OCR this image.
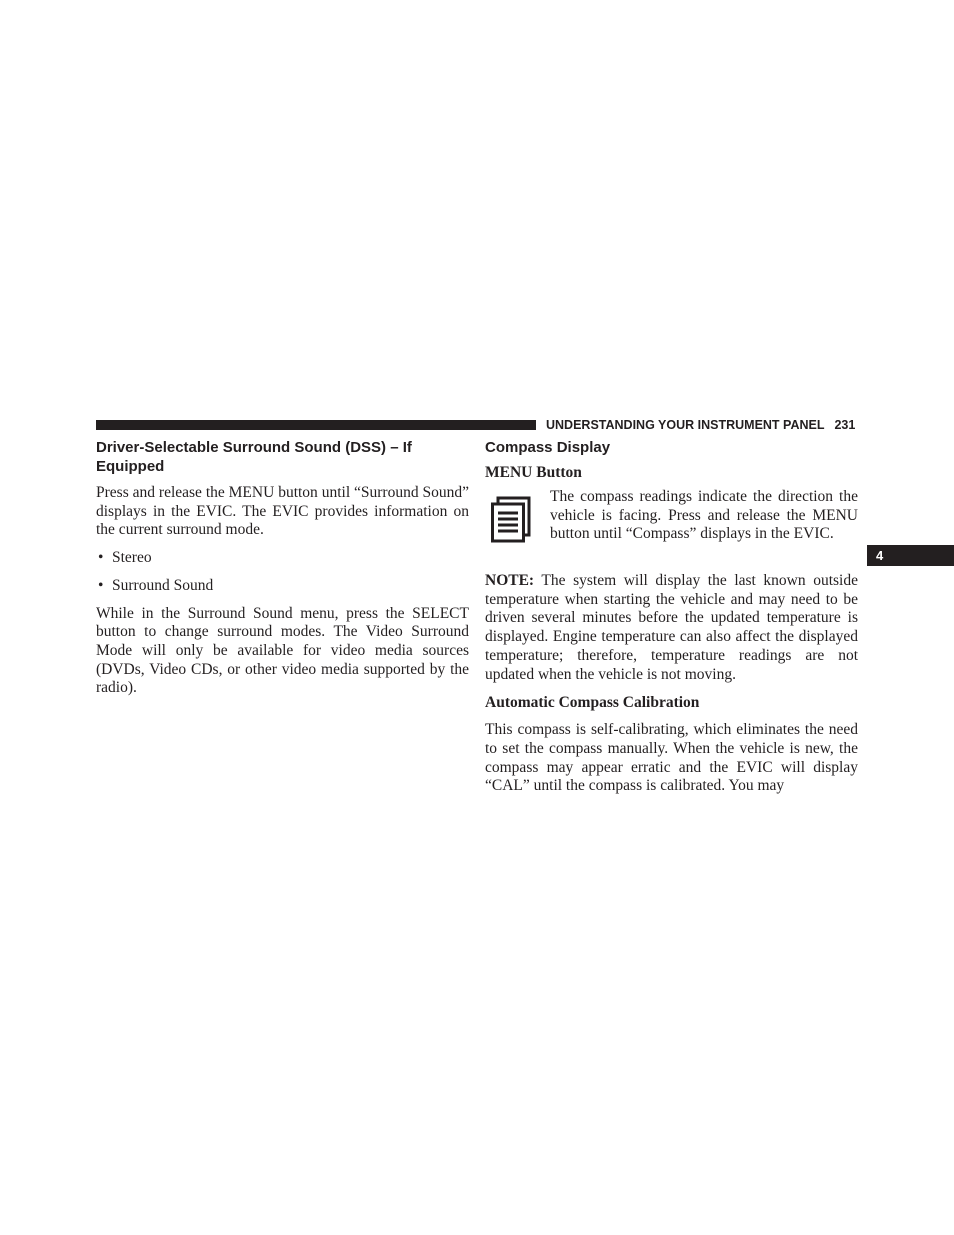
UNDERSTANDING YOUR INSTRUMENT PANEL 231
4
Driver-Selectable Surround Sound (DSS) – If Equipped

Press and release the MENU button until “Surround Sound” displays in the EVIC. The EVIC provides information on the current surround mode.

• Stereo
• Surround Sound

While in the Surround Sound menu, press the SELECT button to change surround modes. The Video Surround Mode will only be available for video media sources (DVDs, Video CDs, or other video media supported by the radio).

Compass Display
MENU Button

The compass readings indicate the direction the vehicle is facing. Press and release the MENU button until “Compass” displays in the EVIC.

NOTE: The system will display the last known outside temperature when starting the vehicle and may need to be driven several minutes before the updated temperature is displayed. Engine temperature can also affect the displayed temperature; therefore, temperature readings are not updated when the vehicle is not moving.

Automatic Compass Calibration

This compass is self-calibrating, which eliminates the need to set the compass manually. When the vehicle is new, the compass may appear erratic and the EVIC will display “CAL” until the compass is calibrated. You may
